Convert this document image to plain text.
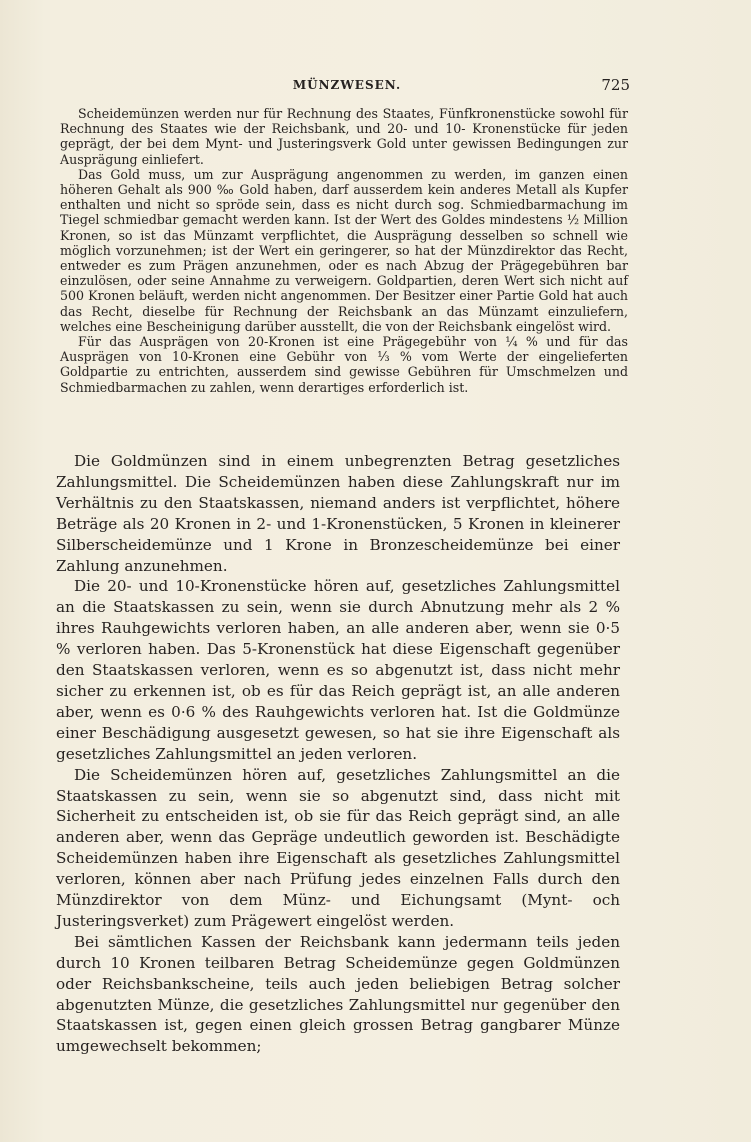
MÜNZWESEN.	725

Scheidemünzen werden nur für Rechnung des Staates, Fünfkronenstücke sowohl für Rechnung des Staates wie der Reichsbank, und 20- und 10- Kronenstücke für jeden geprägt, der bei dem Mynt- und Justeringsverk Gold unter gewissen Bedingungen zur Ausprägung einliefert.

Das Gold muss, um zur Ausprägung angenommen zu werden, im ganzen einen höheren Gehalt als 900 ‰ Gold haben, darf ausserdem kein anderes Metall als Kupfer enthalten und nicht so spröde sein, dass es nicht durch sog. Schmiedbarmachung im Tiegel schmiedbar gemacht werden kann. Ist der Wert des Goldes mindestens ½ Million Kronen, so ist das Münzamt verpflichtet, die Ausprägung desselben so schnell wie möglich vorzunehmen; ist der Wert ein geringerer, so hat der Münzdirektor das Recht, entweder es zum Prägen anzunehmen, oder es nach Abzug der Prägegebühren bar einzulösen, oder seine Annahme zu verweigern. Goldpartien, deren Wert sich nicht auf 500 Kronen beläuft, werden nicht angenommen. Der Besitzer einer Partie Gold hat auch das Recht, dieselbe für Rechnung der Reichsbank an das Münzamt einzuliefern, welches eine Bescheinigung darüber ausstellt, die von der Reichsbank eingelöst wird.

Für das Ausprägen von 20-Kronen ist eine Prägegebühr von ¼ % und für das Ausprägen von 10-Kronen eine Gebühr von ⅓ % vom Werte der eingelieferten Goldpartie zu entrichten, ausserdem sind gewisse Gebühren für Umschmelzen und Schmiedbarmachen zu zahlen, wenn derartiges erforderlich ist.

Die Goldmünzen sind in einem unbegrenzten Betrag gesetzliches Zahlungsmittel. Die Scheidemünzen haben diese Zahlungskraft nur im Verhältnis zu den Staatskassen, niemand anders ist verpflichtet, höhere Beträge als 20 Kronen in 2- und 1-Kronenstücken, 5 Kronen in kleinerer Silberscheidemünze und 1 Krone in Bronzescheidemünze bei einer Zahlung anzunehmen.

Die 20- und 10-Kronenstücke hören auf, gesetzliches Zahlungsmittel an die Staatskassen zu sein, wenn sie durch Abnutzung mehr als 2 % ihres Rauhgewichts verloren haben, an alle anderen aber, wenn sie 0·5 % verloren haben. Das 5-Kronenstück hat diese Eigenschaft gegenüber den Staatskassen verloren, wenn es so abgenutzt ist, dass nicht mehr sicher zu erkennen ist, ob es für das Reich geprägt ist, an alle anderen aber, wenn es 0·6 % des Rauhgewichts verloren hat. Ist die Goldmünze einer Beschädigung ausgesetzt gewesen, so hat sie ihre Eigenschaft als gesetzliches Zahlungsmittel an jeden verloren.

Die Scheidemünzen hören auf, gesetzliches Zahlungsmittel an die Staatskassen zu sein, wenn sie so abgenutzt sind, dass nicht mit Sicherheit zu entscheiden ist, ob sie für das Reich geprägt sind, an alle anderen aber, wenn das Gepräge undeutlich geworden ist. Beschädigte Scheidemünzen haben ihre Eigenschaft als gesetzliches Zahlungsmittel verloren, können aber nach Prüfung jedes einzelnen Falls durch den Münzdirektor von dem Münz- und Eichungsamt (Mynt- och Justeringsverket) zum Prägewert eingelöst werden.

Bei sämtlichen Kassen der Reichsbank kann jedermann teils jeden durch 10 Kronen teilbaren Betrag Scheidemünze gegen Goldmünzen oder Reichsbankscheine, teils auch jeden beliebigen Betrag solcher abgenutzten Münze, die gesetzliches Zahlungsmittel nur gegenüber den Staatskassen ist, gegen einen gleich grossen Betrag gangbarer Münze umgewechselt bekommen;
